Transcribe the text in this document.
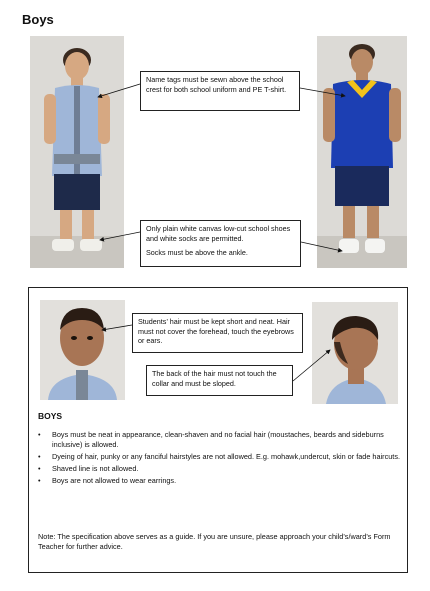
Boys

Name tags must be sewn above the school crest for both school uniform and PE T-shirt.

Only plain white canvas low-cut school shoes and white socks are permitted.

Socks must be above the ankle.

Students’ hair must be kept short and neat. Hair must not cover the forehead, touch the eyebrows or ears.

The back of the hair must not touch the collar and must be sloped.

BOYS
• Boys must be neat in appearance, clean-shaven and no facial hair (moustaches, beards and sideburns inclusive) is allowed.
• Dyeing of hair, punky or any fanciful hairstyles are not allowed. E.g. mohawk,undercut, skin or fade haircuts.
• Shaved line is not allowed.
• Boys are not allowed to wear earrings.
Note: The specification above serves as a guide. If you are unsure, please approach your child’s/ward’s Form Teacher for further advice.
